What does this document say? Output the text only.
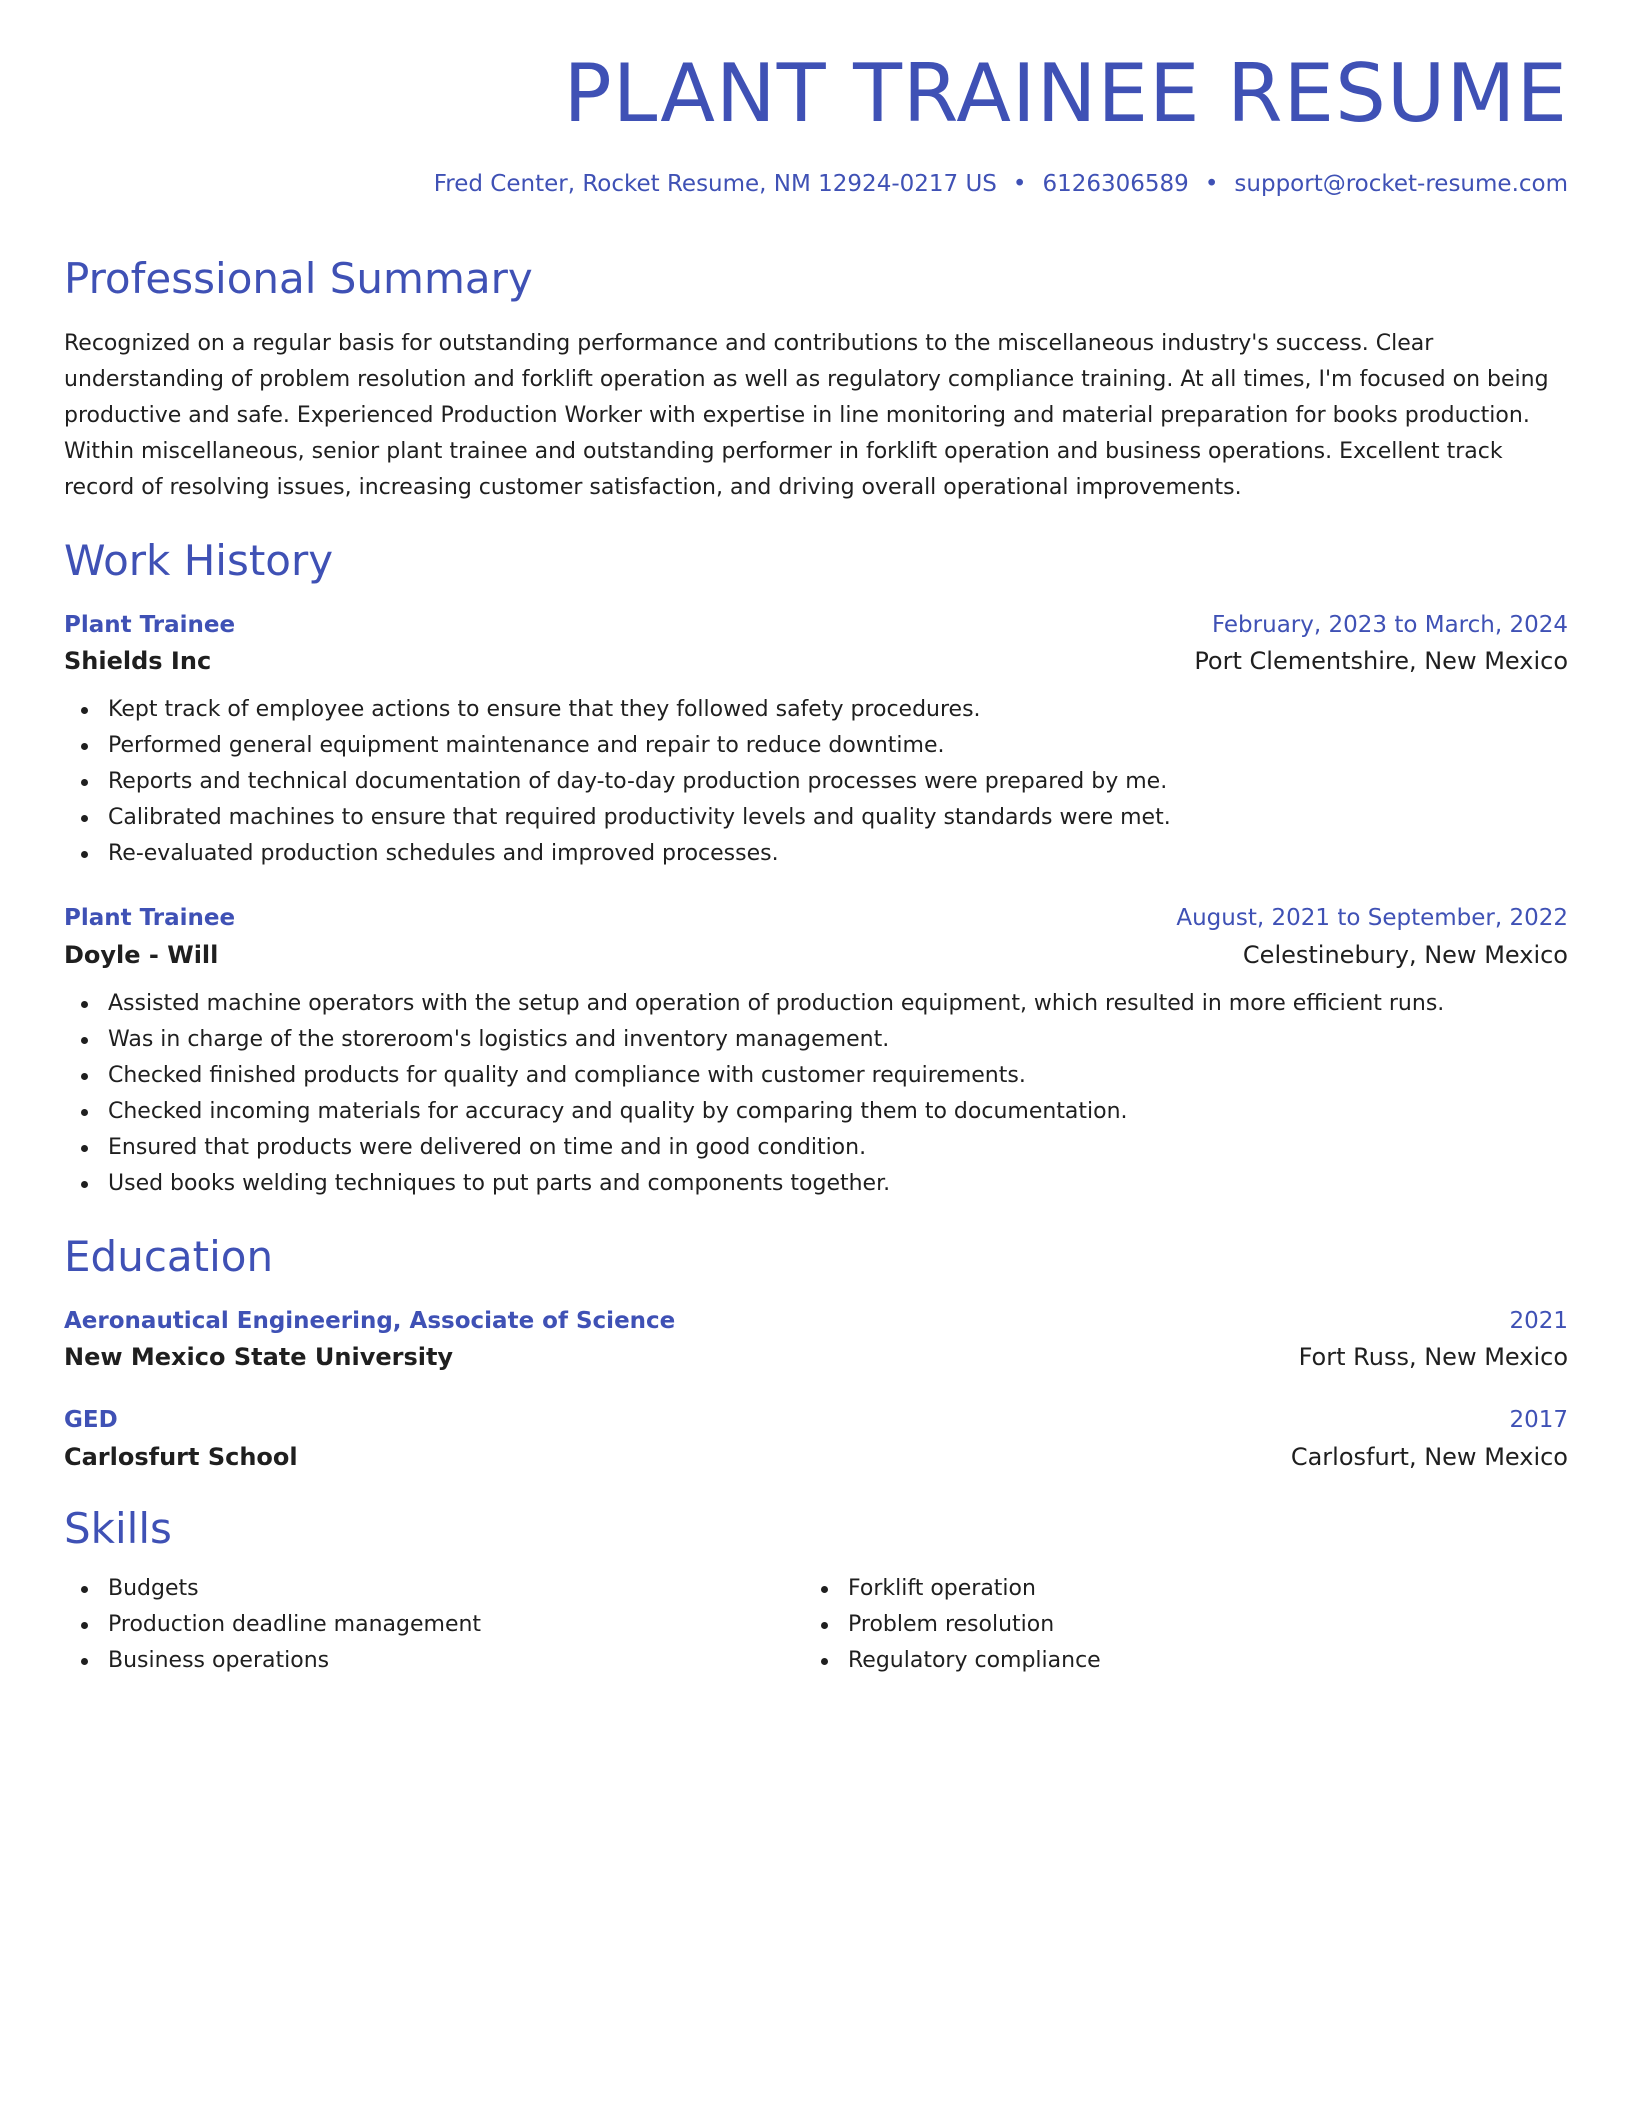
PLANT TRAINEE RESUME
Fred Center, Rocket Resume, NM 12924-0217 US • 6126306589 • support@rocket-resume.com
Professional Summary
Recognized on a regular basis for outstanding performance and contributions to the miscellaneous industry's success. Clear understanding of problem resolution and forklift operation as well as regulatory compliance training. At all times, I'm focused on being productive and safe. Experienced Production Worker with expertise in line monitoring and material preparation for books production. Within miscellaneous, senior plant trainee and outstanding performer in forklift operation and business operations. Excellent track record of resolving issues, increasing customer satisfaction, and driving overall operational improvements.
Work History
Plant Trainee	February, 2023 to March, 2024
Shields Inc	Port Clementshire, New Mexico
Kept track of employee actions to ensure that they followed safety procedures.
Performed general equipment maintenance and repair to reduce downtime.
Reports and technical documentation of day-to-day production processes were prepared by me.
Calibrated machines to ensure that required productivity levels and quality standards were met.
Re-evaluated production schedules and improved processes.
Plant Trainee	August, 2021 to September, 2022
Doyle - Will	Celestinebury, New Mexico
Assisted machine operators with the setup and operation of production equipment, which resulted in more efficient runs.
Was in charge of the storeroom's logistics and inventory management.
Checked finished products for quality and compliance with customer requirements.
Checked incoming materials for accuracy and quality by comparing them to documentation.
Ensured that products were delivered on time and in good condition.
Used books welding techniques to put parts and components together.
Education
Aeronautical Engineering, Associate of Science	2021
New Mexico State University	Fort Russ, New Mexico
GED	2017
Carlosfurt School	Carlosfurt, New Mexico
Skills
Budgets
Production deadline management
Business operations
Forklift operation
Problem resolution
Regulatory compliance
